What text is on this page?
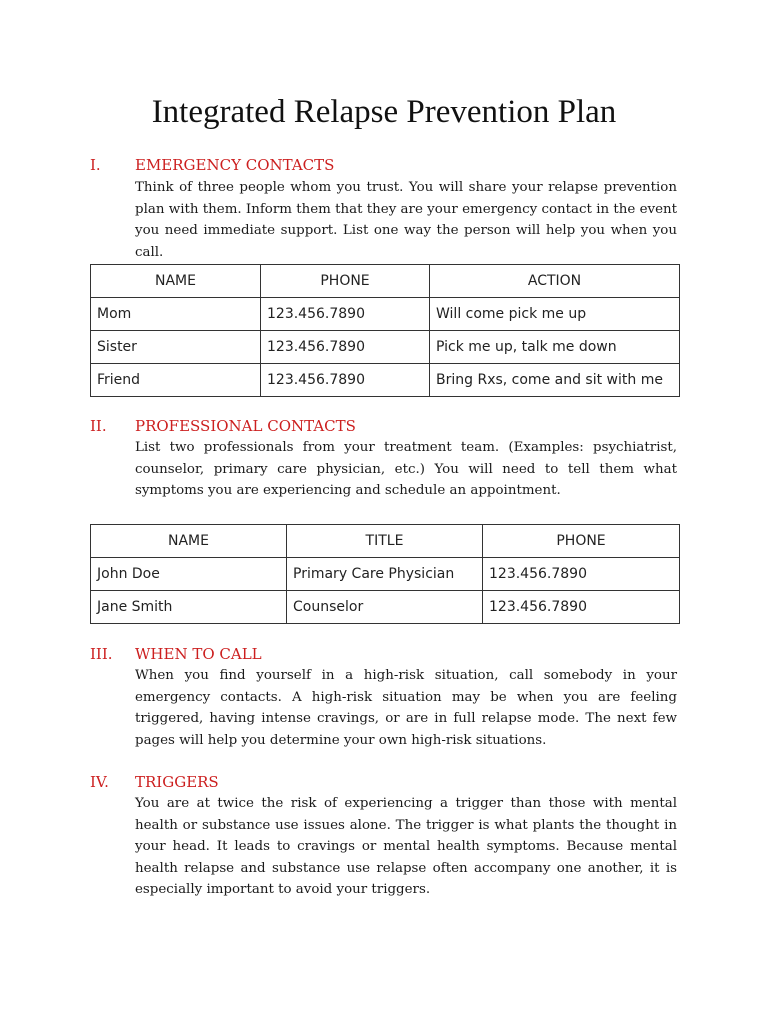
Integrated Relapse Prevention Plan
I.	EMERGENCY CONTACTS

Think of three people whom you trust. You will share your relapse prevention plan with them. Inform them that they are your emergency contact in the event you need immediate support. List one way the person will help you when you call.

NAME	PHONE	ACTION
Mom	123.456.7890	Will come pick me up
Sister	123.456.7890	Pick me up, talk me down
Friend	123.456.7890	Bring Rxs, come and sit with me
II.	PROFESSIONAL CONTACTS

List two professionals from your treatment team. (Examples: psychiatrist, counselor, primary care physician, etc.) You will need to tell them what symptoms you are experiencing and schedule an appointment.

NAME	TITLE	PHONE
John Doe	Primary Care Physician	123.456.7890
Jane Smith	Counselor	123.456.7890
III.	WHEN TO CALL

When you find yourself in a high-risk situation, call somebody in your emergency contacts. A high-risk situation may be when you are feeling triggered, having intense cravings, or are in full relapse mode. The next few pages will help you determine your own high-risk situations.

IV.	TRIGGERS

You are at twice the risk of experiencing a trigger than those with mental health or substance use issues alone. The trigger is what plants the thought in your head. It leads to cravings or mental health symptoms. Because mental health relapse and substance use relapse often accompany one another, it is especially important to avoid your triggers.
